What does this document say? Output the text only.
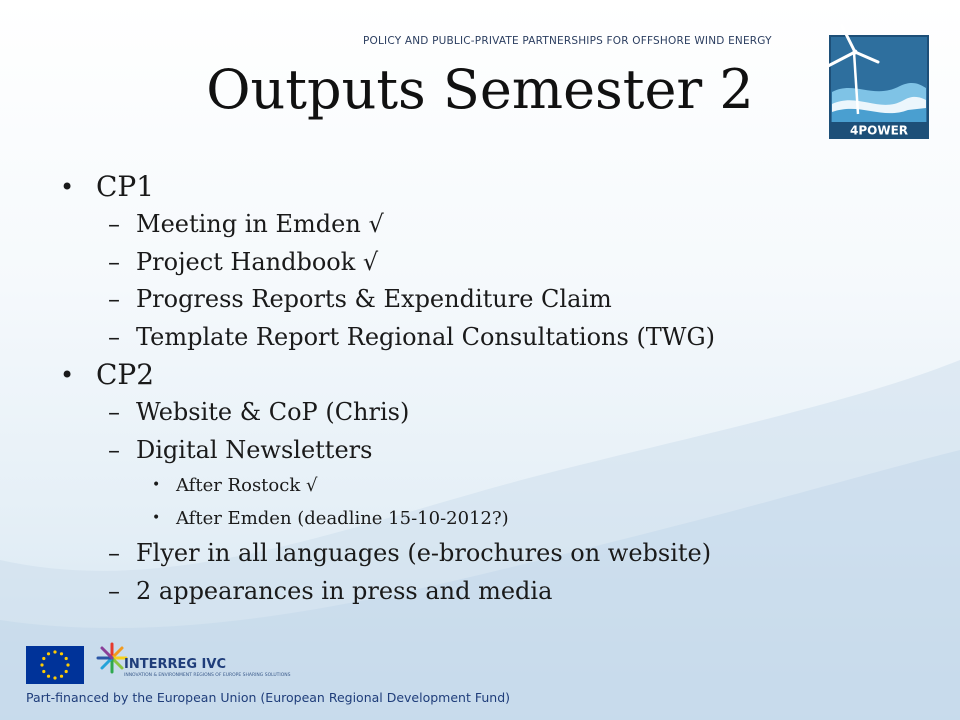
POLICY AND PUBLIC-PRIVATE PARTNERSHIPS FOR OFFSHORE WIND ENERGY
4POWER
Outputs Semester 2
• CP1
– Meeting in Emden √
– Project Handbook √
– Progress Reports & Expenditure Claim
– Template Report Regional Consultations (TWG)
• CP2
– Website & CoP (Chris)
– Digital Newsletters
• After Rostock √
• After Emden (deadline 15-10-2012?)
– Flyer in all languages (e-brochures on website)
– 2 appearances in press and media
INTERREG IVC
INNOVATION & ENVIRONMENT REGIONS OF EUROPE SHARING SOLUTIONS
Part-financed by the European Union (European Regional Development Fund)
